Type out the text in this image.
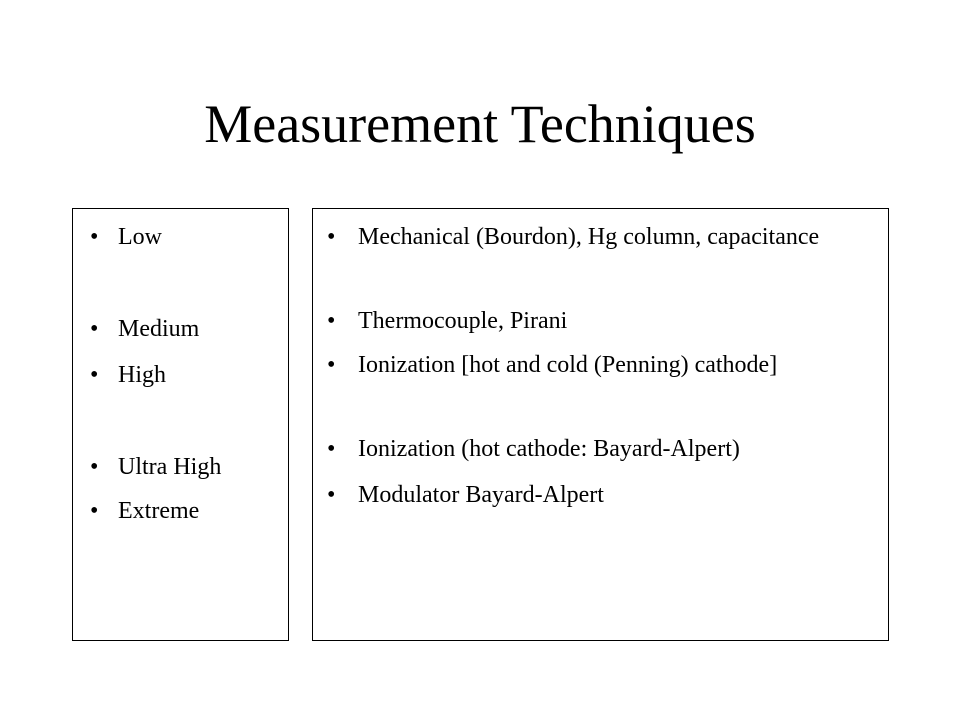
Measurement Techniques
• Low
• Medium
• High
• Ultra High
• Extreme
• Mechanical (Bourdon), Hg column, capacitance
• Thermocouple, Pirani
• Ionization [hot and cold (Penning) cathode]
• Ionization (hot cathode: Bayard-Alpert)
• Modulator Bayard-Alpert
